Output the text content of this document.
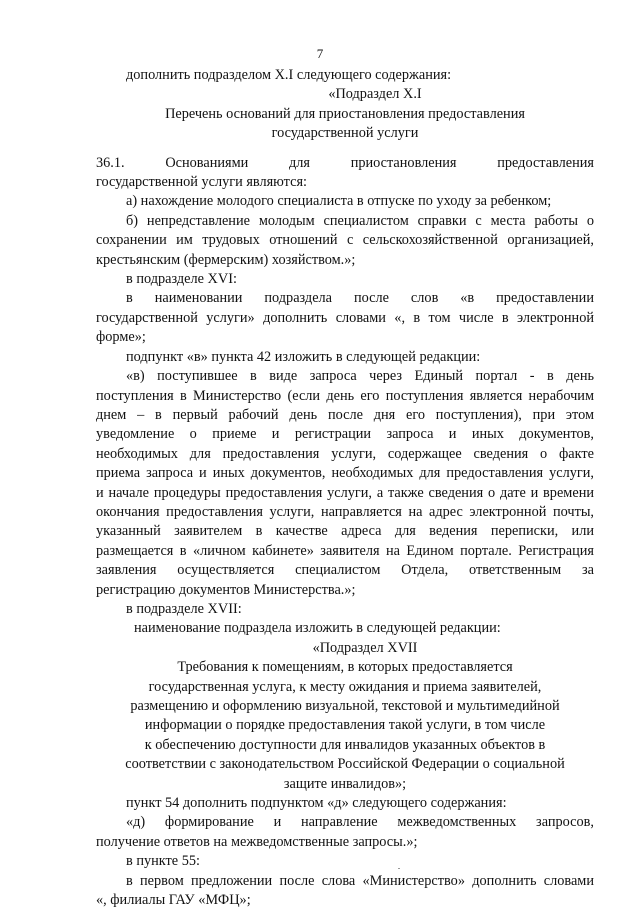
7

дополнить подразделом X.I следующего содержания:

«Подраздел X.I

Перечень оснований для приостановления предоставления

государственной услуги

36.1. Основаниями для приостановления предоставления

государственной услуги являются:

а) нахождение молодого специалиста в отпуске по уходу за ребенком;

б) непредставление молодым специалистом справки с места работы о

сохранении им трудовых отношений с сельскохозяйственной организацией,

крестьянским (фермерским) хозяйством.»;

в подразделе XVI:

в наименовании подраздела после слов «в предоставлении

государственной услуги» дополнить словами «, в том числе в электронной

форме»;

подпункт «в» пункта 42 изложить в следующей редакции:

«в) поступившее в виде запроса через Единый портал - в день

поступления в Министерство (если день его поступления является нерабочим

днем – в первый рабочий день после дня его поступления), при этом

уведомление о приеме и регистрации запроса и иных документов,

необходимых для предоставления услуги, содержащее сведения о факте

приема запроса и иных документов, необходимых для предоставления услуги,

и начале процедуры предоставления услуги, а также сведения о дате и времени

окончания предоставления услуги, направляется на адрес электронной почты,

указанный заявителем в качестве адреса для ведения переписки, или

размещается в «личном кабинете» заявителя на Едином портале. Регистрация

заявления осуществляется специалистом Отдела, ответственным за

регистрацию документов Министерства.»;

в подразделе XVII:

наименование подраздела изложить в следующей редакции:

«Подраздел XVII

Требования к помещениям, в которых предоставляется

государственная услуга, к месту ожидания и приема заявителей,

размещению и оформлению визуальной, текстовой и мультимедийной

информации о порядке предоставления такой услуги, в том числе

к обеспечению доступности для инвалидов указанных объектов в

соответствии с законодательством Российской Федерации о социальной

защите инвалидов»;

пункт 54 дополнить подпунктом «д» следующего содержания:

«д) формирование и направление межведомственных запросов,

получение ответов на межведомственные запросы.»;

в пункте 55:

в первом предложении после слова «Министерство» дополнить словами

«, филиалы ГАУ «МФЦ»;
